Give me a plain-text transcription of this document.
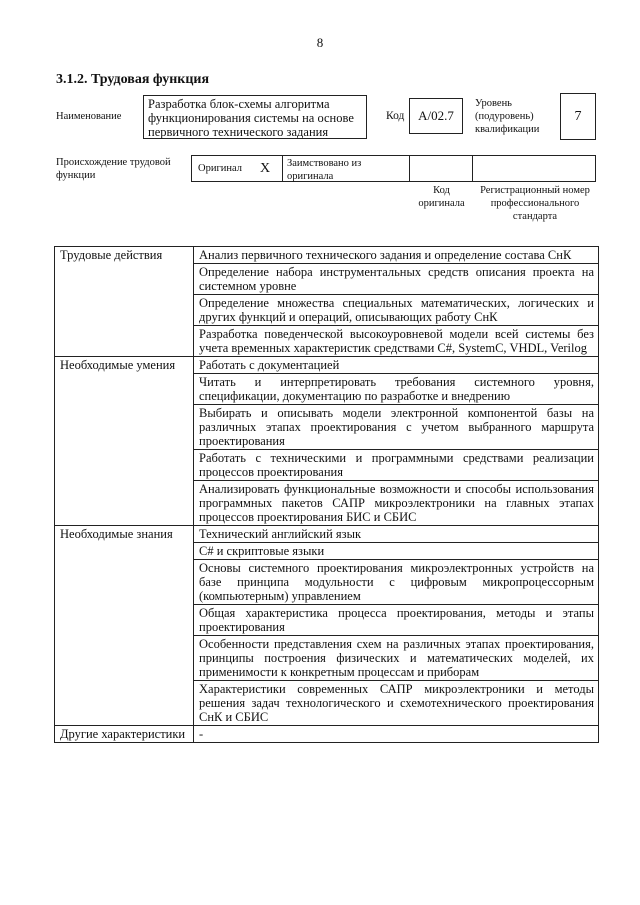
8
3.1.2. Трудовая функция
Наименование
Разработка блок-схемы алгоритма функционирования системы на основе первичного технического задания
Код A/02.7
Уровень (подуровень) квалификации
7
Происхождение трудовой функции
Оригинал X	Заимствовано из оригинала
Код оригинала
Регистрационный номер профессионального стандарта
Трудовые действия	Анализ первичного технического задания и определение состава СнК
	Определение набора инструментальных средств описания проекта на системном уровне
	Определение множества специальных математических, логических и других функций и операций, описывающих работу СнК
	Разработка поведенческой высокоуровневой модели всей системы без учета временных характеристик средствами C#, SystemC, VHDL, Verilog
Необходимые умения	Работать с документацией
	Читать и интерпретировать требования системного уровня, спецификации, документацию по разработке и внедрению
	Выбирать и описывать модели электронной компонентой базы на различных этапах проектирования с учетом выбранного маршрута проектирования
	Работать с техническими и программными средствами реализации процессов проектирования
	Анализировать функциональные возможности и способы использования программных пакетов САПР микроэлектроники на главных этапах процессов проектирования БИС и СБИС
Необходимые знания	Технический английский язык
	C# и скриптовые языки
	Основы системного проектирования микроэлектронных устройств на базе принципа модульности с цифровым микропроцессорным (компьютерным) управлением
	Общая характеристика процесса проектирования, методы и этапы проектирования
	Особенности представления схем на различных этапах проектирования, принципы построения физических и математических моделей, их применимости к конкретным процессам и приборам
	Характеристики современных САПР микроэлектроники и методы решения задач технологического и схемотехнического проектирования СнК и СБИС
Другие характеристики	-
